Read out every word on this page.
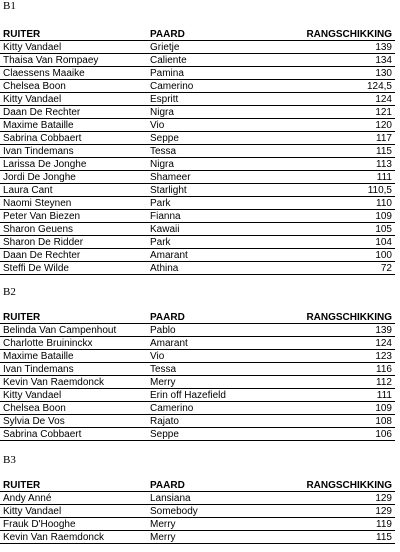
B1
RUITER	PAARD	RANGSCHIKKING
Kitty Vandael	Grietje	139
Thaisa Van Rompaey	Caliente	134
Claessens Maaike	Pamina	130
Chelsea Boon	Camerino	124,5
Kitty Vandael	Espritt	124
Daan De Rechter	Nigra	121
Maxime Bataille	Vio	120
Sabrina Cobbaert	Seppe	117
Ivan Tindemans	Tessa	115
Larissa De Jonghe	Nigra	113
Jordi De Jonghe	Shameer	111
Laura Cant	Starlight	110,5
Naomi Steynen	Park	110
Peter Van Biezen	Fianna	109
Sharon Geuens	Kawaii	105
Sharon De Ridder	Park	104
Daan De Rechter	Amarant	100
Steffi De Wilde	Athina	72
B2
RUITER	PAARD	RANGSCHIKKING
Belinda Van Campenhout	Pablo	139
Charlotte Bruininckx	Amarant	124
Maxime Bataille	Vio	123
Ivan Tindemans	Tessa	116
Kevin Van Raemdonck	Merry	112
Kitty Vandael	Erin off Hazefield	111
Chelsea Boon	Camerino	109
Sylvia De Vos	Rajato	108
Sabrina Cobbaert	Seppe	106
B3
RUITER	PAARD	RANGSCHIKKING
Andy Anné	Lansiana	129
Kitty Vandael	Somebody	129
Frauk D'Hooghe	Merry	119
Kevin Van Raemdonck	Merry	115
